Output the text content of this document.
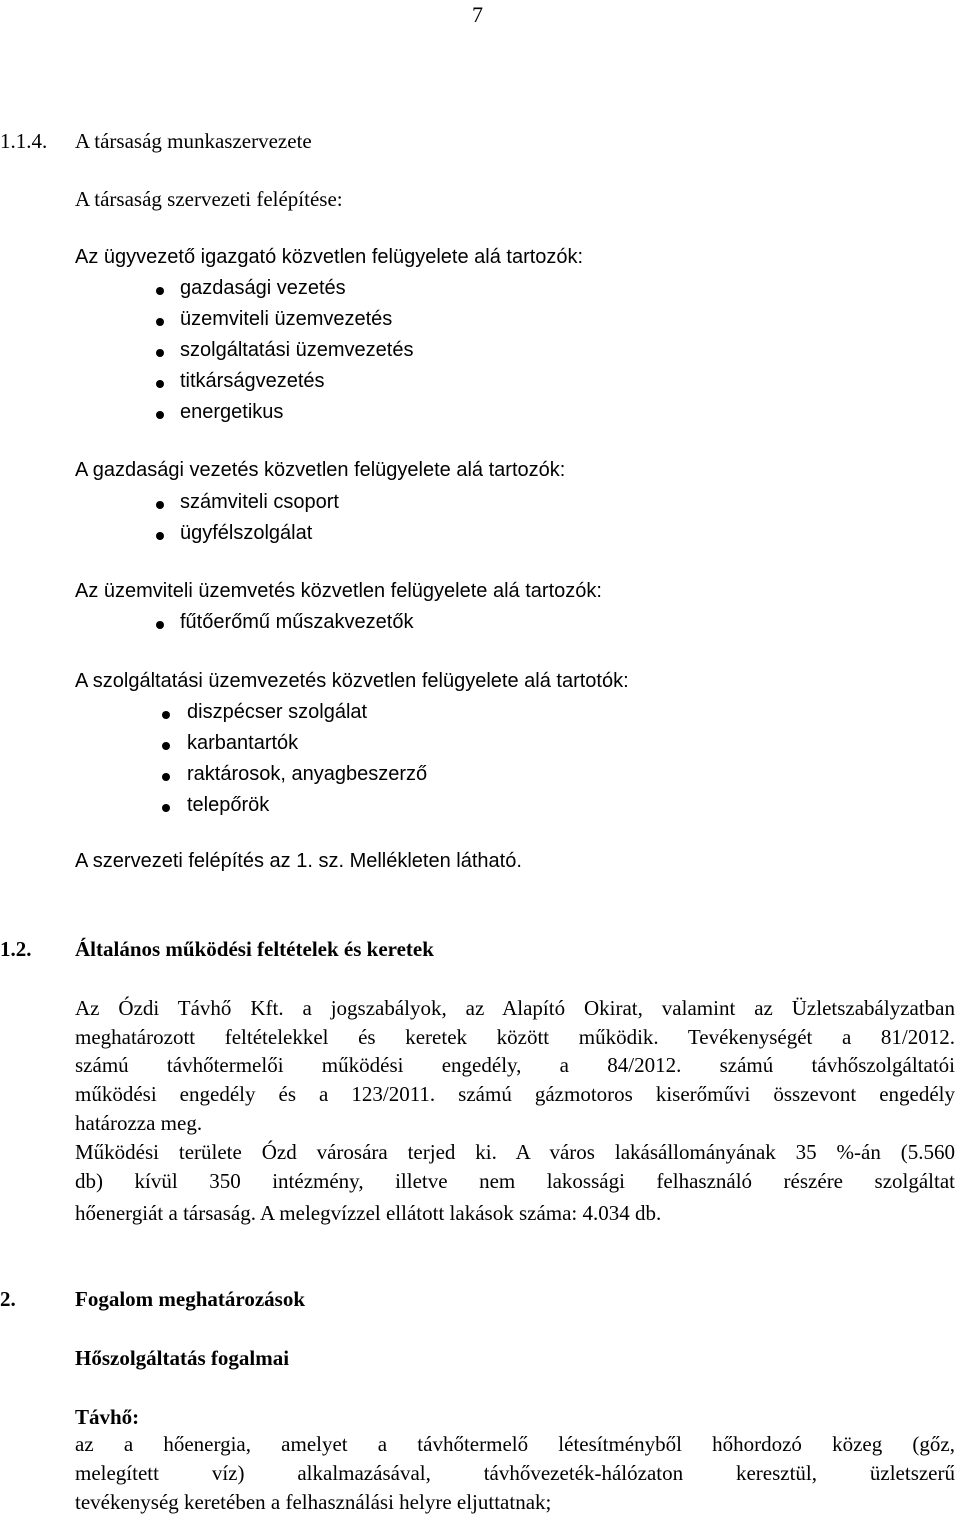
7
1.1.4. A társaság munkaszervezete
A társaság szervezeti felépítése:
Az ügyvezető igazgató közvetlen felügyelete alá tartozók:
gazdasági vezetés
üzemviteli üzemvezetés
szolgáltatási üzemvezetés
titkárságvezetés
energetikus
A gazdasági vezetés közvetlen felügyelete alá tartozók:
számviteli csoport
ügyfélszolgálat
Az üzemviteli üzemvetés közvetlen felügyelete alá tartozók:
fűtőerőmű műszakvezetők
A szolgáltatási üzemvezetés közvetlen felügyelete alá tartotók:
diszpécser szolgálat
karbantartók
raktárosok, anyagbeszerző
telepőrök
A szervezeti felépítés az 1. sz. Mellékleten látható.
1.2. Általános működési feltételek és keretek
Az Ózdi Távhő Kft. a jogszabályok, az Alapító Okirat, valamint az Üzletszabályzatban
meghatározott feltételekkel és keretek között működik. Tevékenységét a 81/2012.
számú távhőtermelői működési engedély, a 84/2012. számú távhőszolgáltatói
működési engedély és a 123/2011. számú gázmotoros kiserőművi összevont engedély
határozza meg.
Működési területe Ózd városára terjed ki. A város lakásállományának 35 %-án (5.560
db) kívül 350 intézmény, illetve nem lakossági felhasználó részére szolgáltat
hőenergiát a társaság. A melegvízzel ellátott lakások száma: 4.034 db.
2.	Fogalom meghatározások
Hőszolgáltatás fogalmai
Távhő:
az a hőenergia, amelyet a távhőtermelő létesítményből hőhordozó közeg (gőz,
melegített víz) alkalmazásával, távhővezeték-hálózaton keresztül, üzletszerű
tevékenység keretében a felhasználási helyre eljuttatnak;
